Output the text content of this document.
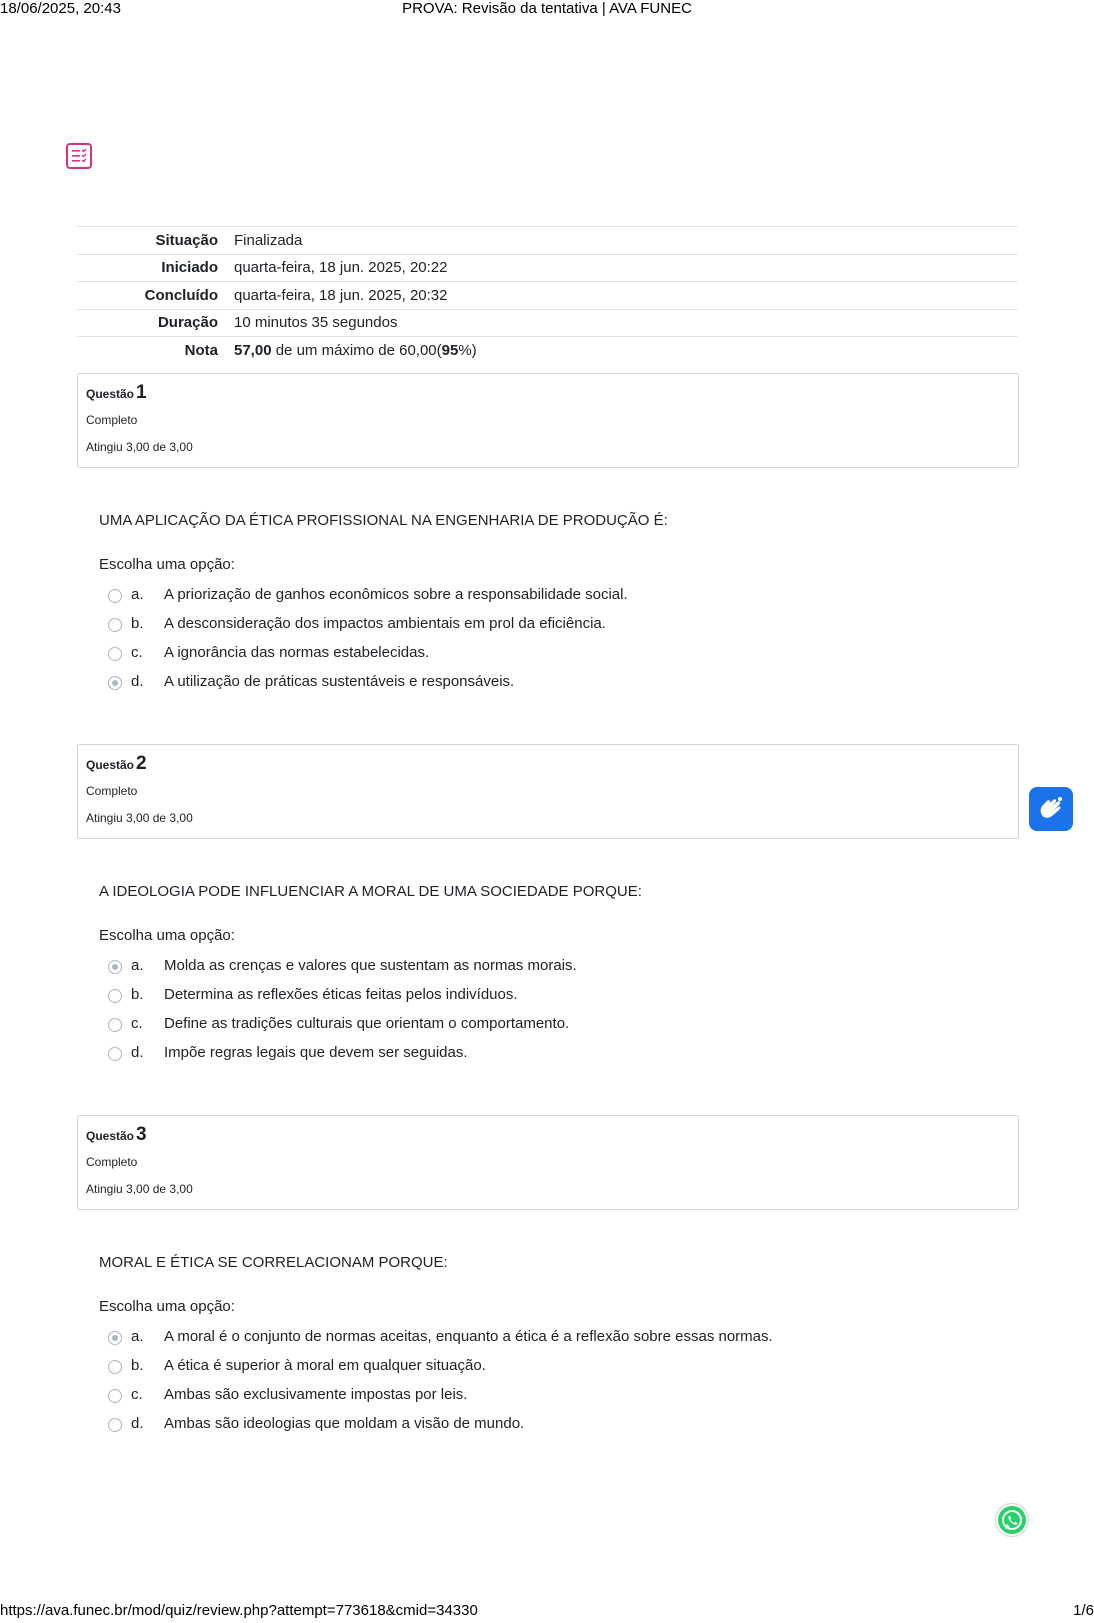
18/06/2025, 20:43	PROVA: Revisão da tentativa | AVA FUNEC
Situação	Finalizada
Iniciado	quarta-feira, 18 jun. 2025, 20:22
Concluído	quarta-feira, 18 jun. 2025, 20:32
Duração	10 minutos 35 segundos
Nota	57,00 de um máximo de 60,00(95%)
Questão 1
Completo
Atingiu 3,00 de 3,00
UMA APLICAÇÃO DA ÉTICA PROFISSIONAL NA ENGENHARIA DE PRODUÇÃO É:
Escolha uma opção:
a. A priorização de ganhos econômicos sobre a responsabilidade social.
b. A desconsideração dos impactos ambientais em prol da eficiência.
c. A ignorância das normas estabelecidas.
d. A utilização de práticas sustentáveis e responsáveis.
Questão 2
Completo
Atingiu 3,00 de 3,00
A IDEOLOGIA PODE INFLUENCIAR A MORAL DE UMA SOCIEDADE PORQUE:
Escolha uma opção:
a. Molda as crenças e valores que sustentam as normas morais.
b. Determina as reflexões éticas feitas pelos indivíduos.
c. Define as tradições culturais que orientam o comportamento.
d. Impõe regras legais que devem ser seguidas.
Questão 3
Completo
Atingiu 3,00 de 3,00
MORAL E ÉTICA SE CORRELACIONAM PORQUE:
Escolha uma opção:
a. A moral é o conjunto de normas aceitas, enquanto a ética é a reflexão sobre essas normas.
b. A ética é superior à moral em qualquer situação.
c. Ambas são exclusivamente impostas por leis.
d. Ambas são ideologias que moldam a visão de mundo.
https://ava.funec.br/mod/quiz/review.php?attempt=773618&cmid=34330	1/6
